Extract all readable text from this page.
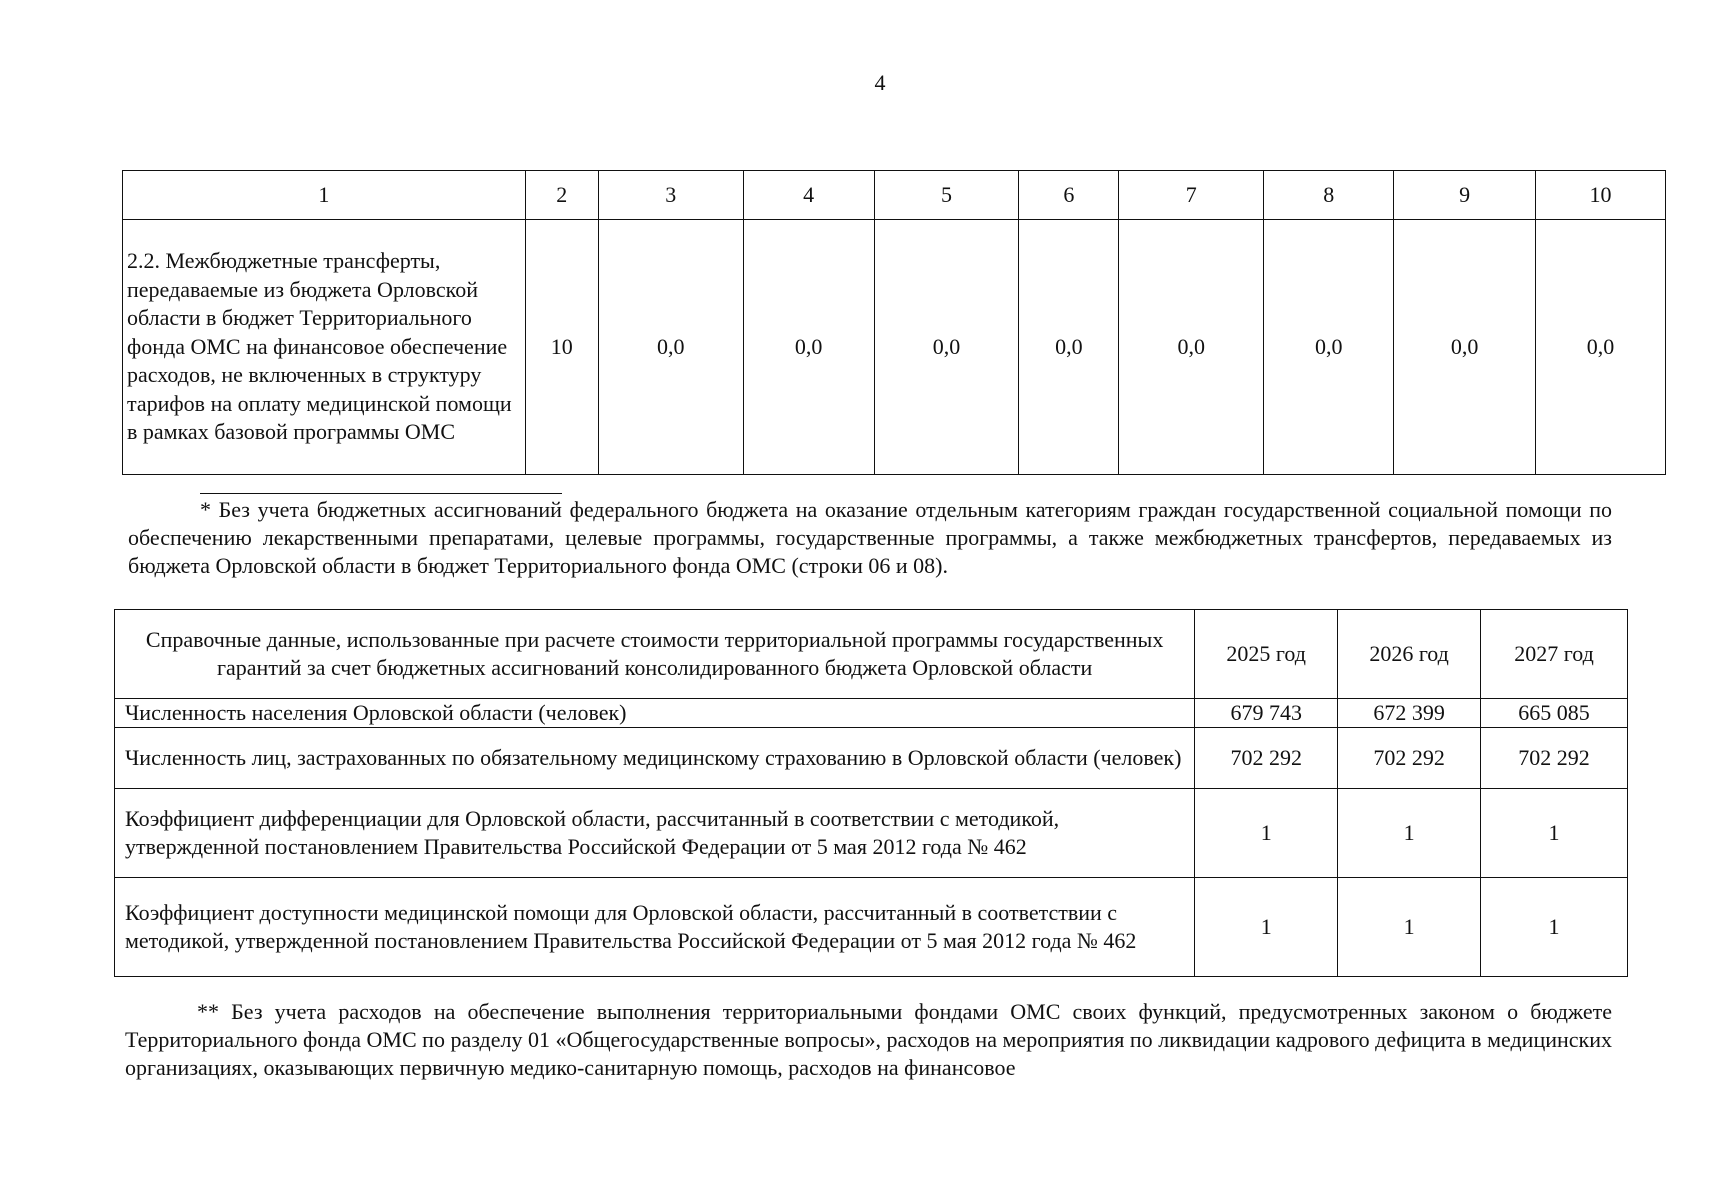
4
1	2	3	4	5	6	7	8	9	10
2.2. Межбюджетные трансферты, передаваемые из бюджета Орловской области в бюджет Территориального фонда ОМС на финансовое обеспечение расходов, не включенных в структуру тарифов на оплату медицинской помощи в рамках базовой программы ОМС	10	0,0	0,0	0,0	0,0	0,0	0,0	0,0	0,0
* Без учета бюджетных ассигнований федерального бюджета на оказание отдельным категориям граждан государственной социальной помощи по обеспечению лекарственными препаратами, целевые программы, государственные программы, а также межбюджетных трансфертов, передаваемых из бюджета Орловской области в бюджет Территориального фонда ОМС (строки 06 и 08).
Справочные данные, использованные при расчете стоимости территориальной программы государственных гарантий за счет бюджетных ассигнований консолидированного бюджета Орловской области	2025 год	2026 год	2027 год
Численность населения Орловской области (человек)	679 743	672 399	665 085
Численность лиц, застрахованных по обязательному медицинскому страхованию в Орловской области (человек)	702 292	702 292	702 292
Коэффициент дифференциации для Орловской области, рассчитанный в соответствии с методикой, утвержденной постановлением Правительства Российской Федерации от 5 мая 2012 года № 462	1	1	1
Коэффициент доступности медицинской помощи для Орловской области, рассчитанный в соответствии с методикой, утвержденной постановлением Правительства Российской Федерации от 5 мая 2012 года № 462	1	1	1
** Без учета расходов на обеспечение выполнения территориальными фондами ОМС своих функций, предусмотренных законом о бюджете Территориального фонда ОМС по разделу 01 «Общегосударственные вопросы», расходов на мероприятия по ликвидации кадрового дефицита в медицинских организациях, оказывающих первичную медико-санитарную помощь, расходов на финансовое
